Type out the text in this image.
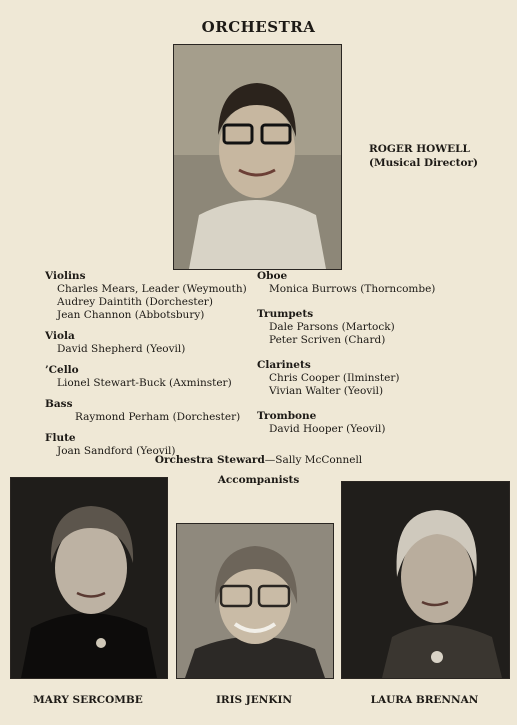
ORCHESTRA
ROGER HOWELL
(Musical Director)
Violins
Charles Mears, Leader (Weymouth)
Audrey Daintith (Dorchester)
Jean Channon (Abbotsbury)
Viola
David Shepherd (Yeovil)
’Cello
Lionel Stewart-Buck (Axminster)
Bass
Raymond Perham (Dorchester)
Flute
Joan Sandford (Yeovil)
Oboe
Monica Burrows (Thorncombe)
Trumpets
Dale Parsons (Martock)
Peter Scriven (Chard)
Clarinets
Chris Cooper (Ilminster)
Vivian Walter (Yeovil)
Trombone
David Hooper (Yeovil)
Orchestra Steward—Sally McConnell
Accompanists
MARY SERCOMBE	IRIS JENKIN	LAURA BRENNAN
